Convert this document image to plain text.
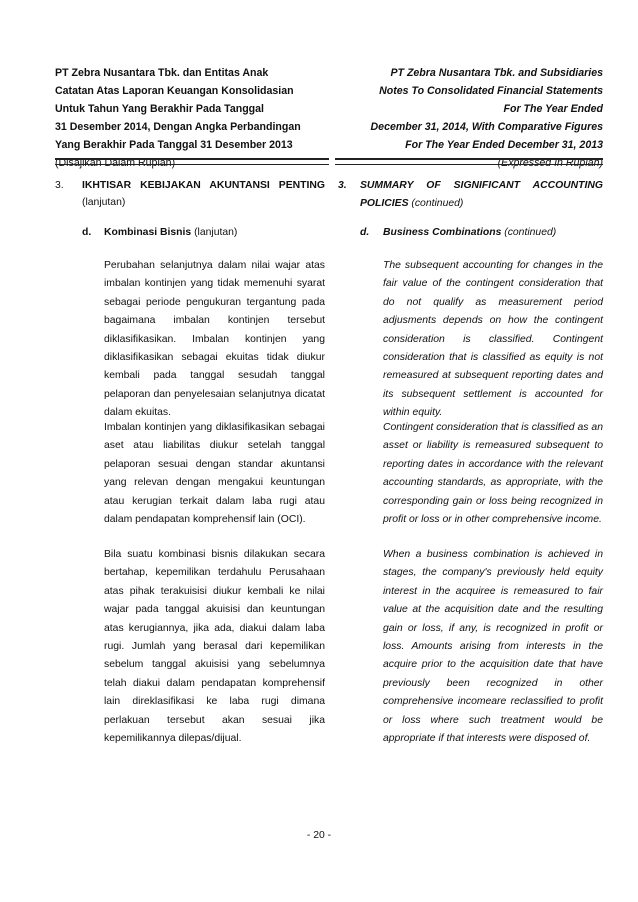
PT Zebra Nusantara Tbk. dan Entitas Anak

Catatan Atas Laporan Keuangan Konsolidasian

Untuk Tahun Yang Berakhir Pada Tanggal

31 Desember 2014, Dengan Angka Perbandingan

Yang Berakhir Pada Tanggal 31 Desember 2013

(Disajikan Dalam Rupiah)

PT Zebra Nusantara Tbk. and Subsidiaries

Notes To Consolidated Financial Statements

For The Year Ended

December 31, 2014, With Comparative Figures

For The Year Ended December 31, 2013

(Expressed In Rupiah)

3. IKHTISAR KEBIJAKAN AKUNTANSI PENTING
(lanjutan)
d. Kombinasi Bisnis (lanjutan)
Perubahan selanjutnya dalam nilai wajar atas imbalan kontinjen yang tidak memenuhi syarat sebagai periode pengukuran tergantung pada bagaimana imbalan kontinjen tersebut diklasifikasikan. Imbalan kontinjen yang diklasifikasikan sebagai ekuitas tidak diukur kembali pada tanggal sesudah tanggal pelaporan dan penyelesaian selanjutnya dicatat dalam ekuitas.
Imbalan kontinjen yang diklasifikasikan sebagai aset atau liabilitas diukur setelah tanggal pelaporan sesuai dengan standar akuntansi yang relevan dengan mengakui keuntungan atau kerugian terkait dalam laba rugi atau dalam pendapatan komprehensif lain (OCI).
Bila suatu kombinasi bisnis dilakukan secara bertahap, kepemilikan terdahulu Perusahaan atas pihak terakuisisi diukur kembali ke nilai wajar pada tanggal akuisisi dan keuntungan atas kerugiannya, jika ada, diakui dalam laba rugi. Jumlah yang berasal dari kepemilikan sebelum tanggal akuisisi yang sebelumnya telah diakui dalam pendapatan komprehensif lain direklasifikasi ke laba rugi dimana perlakuan tersebut akan sesuai jika kepemilikannya dilepas/dijual.
3. SUMMARY OF SIGNIFICANT ACCOUNTING POLICIES (continued)
d. Business Combinations (continued)
The subsequent accounting for changes in the fair value of the contingent consideration that do not qualify as measurement period adjusments depends on how the contingent consideration is classified. Contingent consideration that is classified as equity is not remeasured at subsequent reporting dates and its subsequent settlement is accounted for within equity.
Contingent consideration that is classified as an asset or liability is remeasured subsequent to reporting dates in accordance with the relevant accounting standards, as appropriate, with the corresponding gain or loss being recognized in profit or loss or in other comprehensive income.
When a business combination is achieved in stages, the company's previously held equity interest in the acquiree is remeasured to fair value at the acquisition date and the resulting gain or loss, if any, is recognized in profit or loss. Amounts arising from interests in the acquire prior to the acquisition date that have previously been recognized in other comprehensive incomeare reclassified to profit or loss where such treatment would be appropriate if that interests were disposed of.
- 20 -
